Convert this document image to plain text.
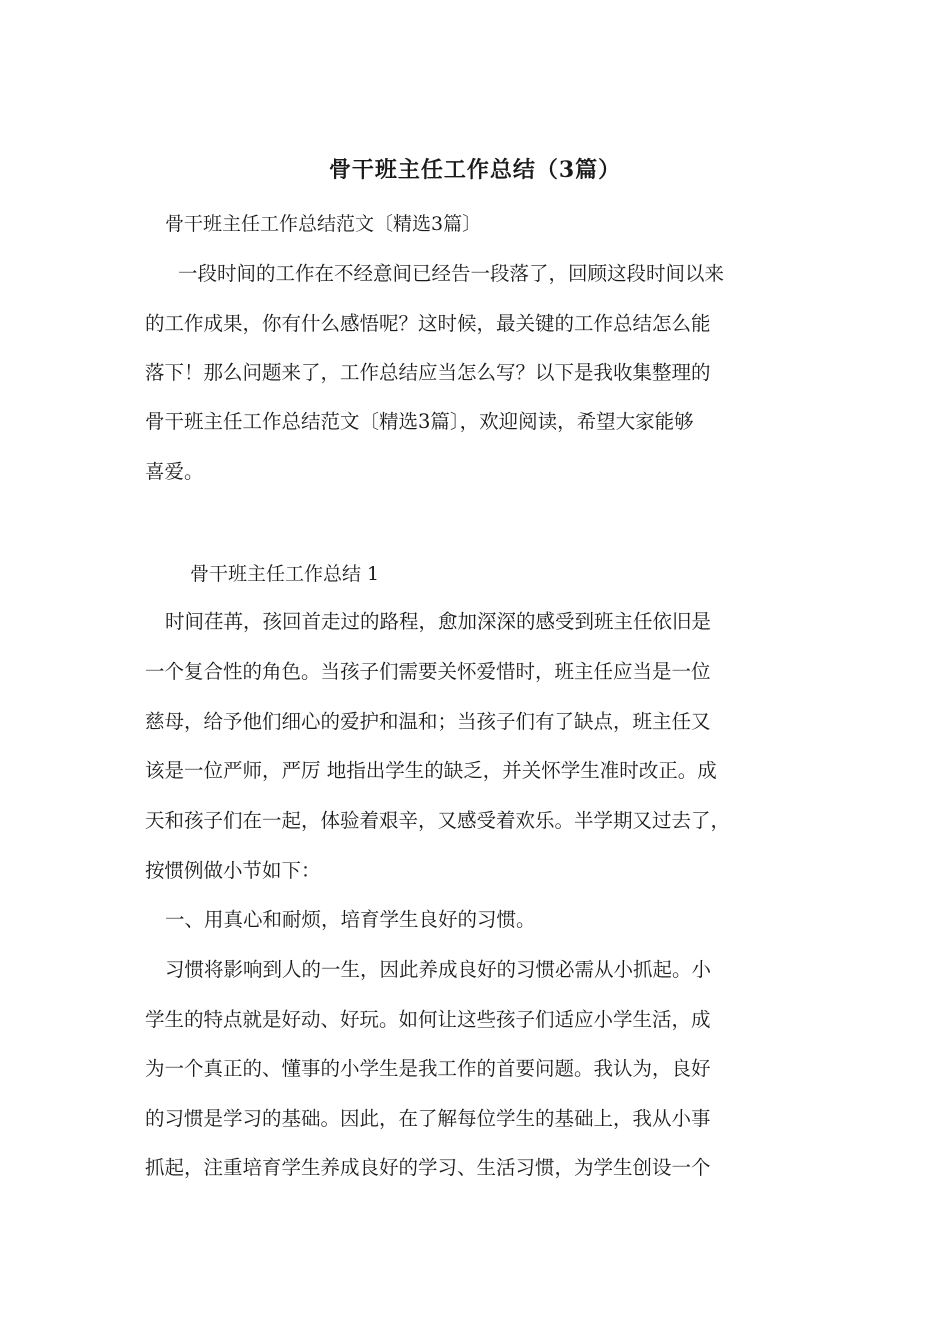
骨干班主任工作总结（3篇）
骨干班主任工作总结范文〔精选3篇〕
一段时间的工作在不经意间已经告一段落了，回顾这段时间以来
的工作成果，你有什么感悟呢？这时候，最关键的工作总结怎么能
落下！那么问题来了，工作总结应当怎么写？以下是我收集整理的
骨干班主任工作总结范文〔精选3篇〕，欢迎阅读，希望大家能够
喜爱。
骨干班主任工作总结 1
时间荏苒，孩回首走过的路程，愈加深深的感受到班主任依旧是
一个复合性的角色。当孩子们需要关怀爱惜时，班主任应当是一位
慈母，给予他们细心的爱护和温和；当孩子们有了缺点，班主任又
该是一位严师，严厉 地指出学生的缺乏，并关怀学生准时改正。成
天和孩子们在一起，体验着艰辛，又感受着欢乐。半学期又过去了，
按惯例做小节如下：
一、用真心和耐烦，培育学生良好的习惯。
习惯将影响到人的一生，因此养成良好的习惯必需从小抓起。小
学生的特点就是好动、好玩。如何让这些孩子们适应小学生活，成
为一个真正的、懂事的小学生是我工作的首要问题。我认为，良好
的习惯是学习的基础。因此，在了解每位学生的基础上，我从小事
抓起，注重培育学生养成良好的学习、生活习惯，为学生创设一个
